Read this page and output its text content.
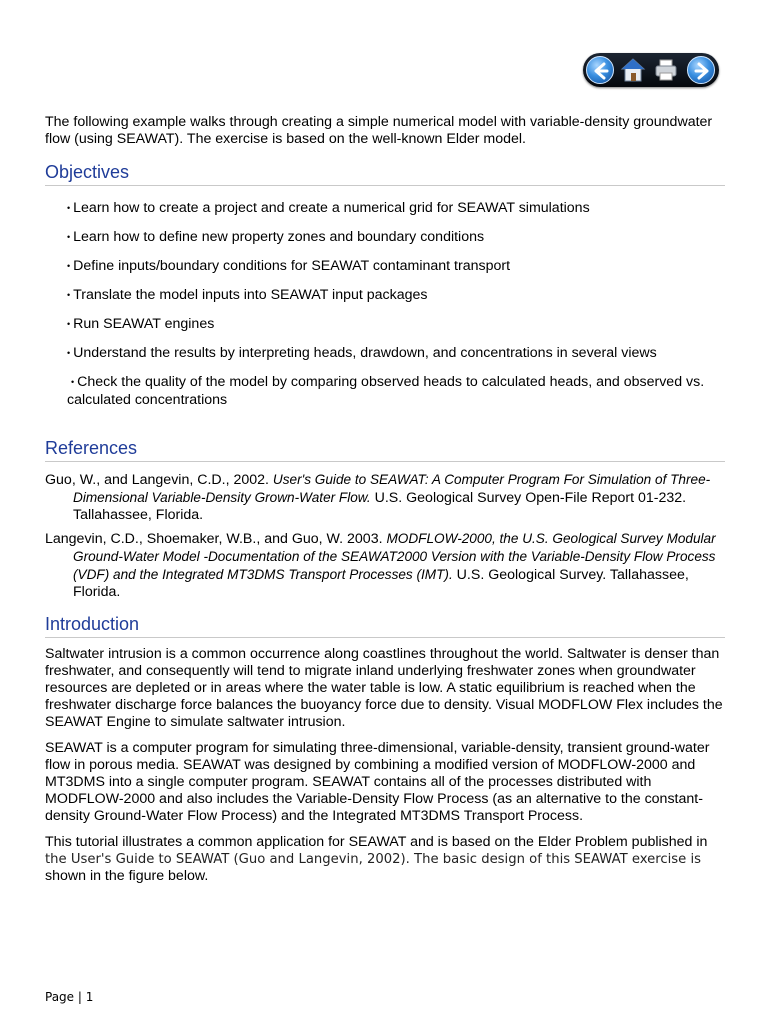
The following example walks through creating a simple numerical model with variable-density groundwater flow (using SEAWAT). The exercise is based on the well-known Elder model.

Objectives
• Learn how to create a project and create a numerical grid for SEAWAT simulations
• Learn how to define new property zones and boundary conditions
• Define inputs/boundary conditions for SEAWAT contaminant transport
• Translate the model inputs into SEAWAT input packages
• Run SEAWAT engines
• Understand the results by interpreting heads, drawdown, and concentrations in several views
• Check the quality of the model by comparing observed heads to calculated heads, and observed vs.
calculated concentrations
References

Guo, W., and Langevin, C.D., 2002. User's Guide to SEAWAT: A Computer Program For Simulation of Three-Dimensional Variable-Density Grown-Water Flow. U.S. Geological Survey Open-File Report 01-232. Tallahassee, Florida.

Langevin, C.D., Shoemaker, W.B., and Guo, W. 2003. MODFLOW-2000, the U.S. Geological Survey Modular Ground-Water Model -Documentation of the SEAWAT2000 Version with the Variable-Density Flow Process (VDF) and the Integrated MT3DMS Transport Processes (IMT). U.S. Geological Survey. Tallahassee, Florida.

Introduction

Saltwater intrusion is a common occurrence along coastlines throughout the world. Saltwater is denser than freshwater, and consequently will tend to migrate inland underlying freshwater zones when groundwater resources are depleted or in areas where the water table is low. A static equilibrium is reached when the freshwater discharge force balances the buoyancy force due to density. Visual MODFLOW Flex includes the SEAWAT Engine to simulate saltwater intrusion.

SEAWAT is a computer program for simulating three-dimensional, variable-density, transient ground-water flow in porous media. SEAWAT was designed by combining a modified version of MODFLOW-2000 and MT3DMS into a single computer program. SEAWAT contains all of the processes distributed with MODFLOW-2000 and also includes the Variable-Density Flow Process (as an alternative to the constant-density Ground-Water Flow Process) and the Integrated MT3DMS Transport Process.

This tutorial illustrates a common application for SEAWAT and is based on the Elder Problem published in the User's Guide to SEAWAT (Guo and Langevin, 2002). The basic design of this SEAWAT exercise is shown in the figure below.

Page | 1
